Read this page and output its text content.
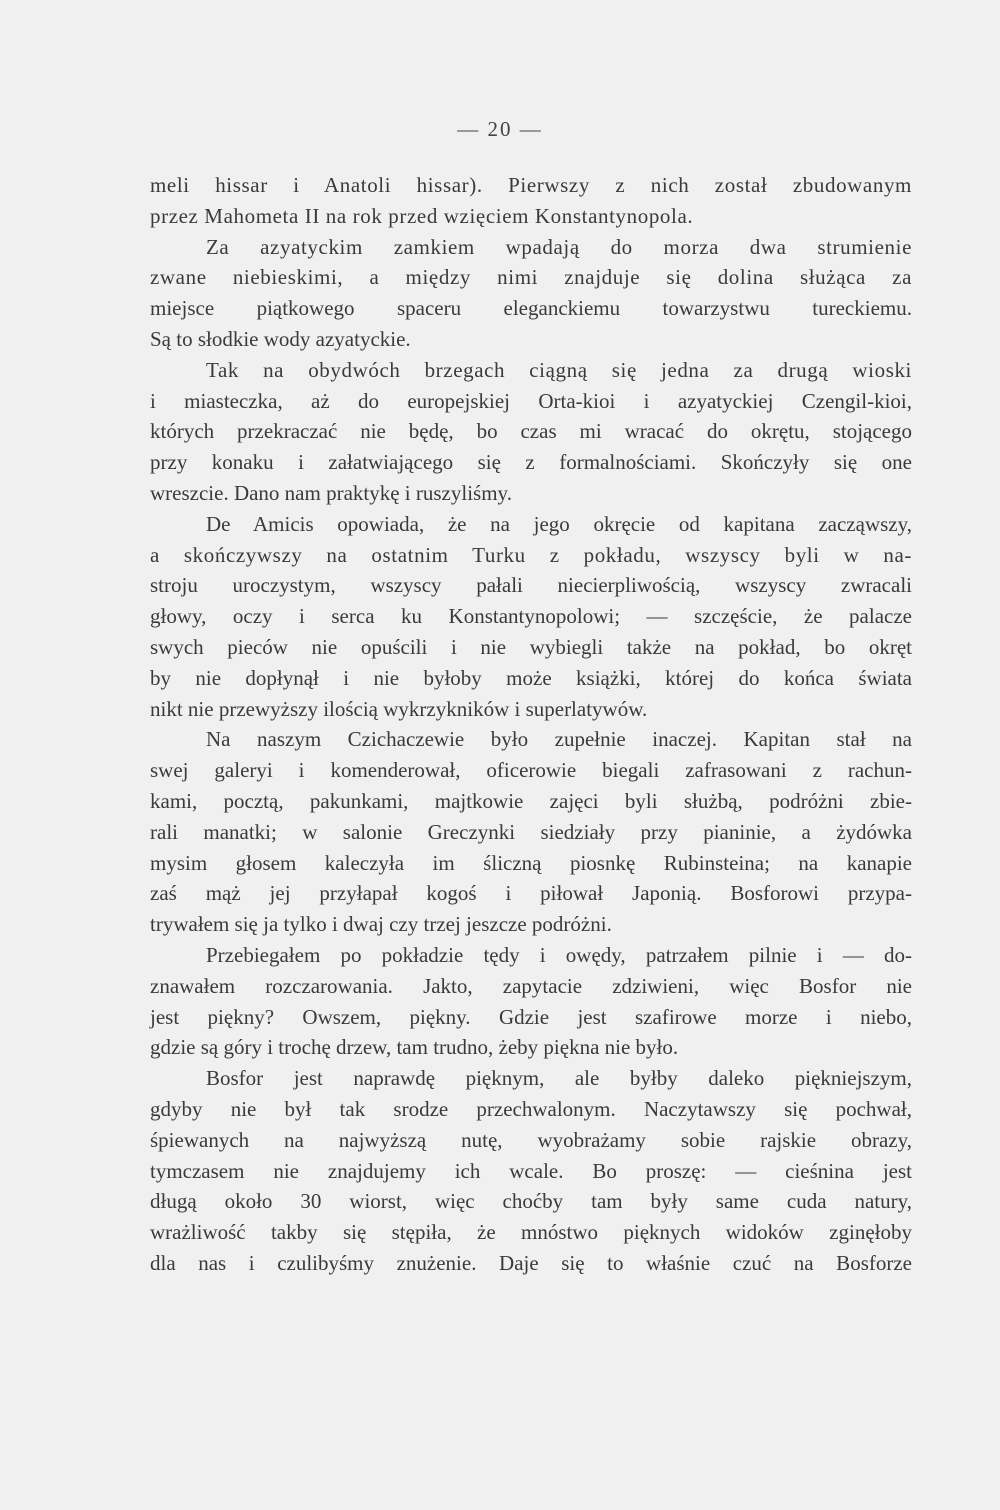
— 20 —
meli hissar i Anatoli hissar). Pierwszy z nich został zbudowanym
przez Mahometa II na rok przed wzięciem Konstantynopola.
Za azyatyckim zamkiem wpadają do morza dwa strumienie
zwane niebieskimi, a między nimi znajduje się dolina służąca za
miejsce piątkowego spaceru eleganckiemu towarzystwu tureckiemu.
Są to słodkie wody azyatyckie.
Tak na obydwóch brzegach ciągną się jedna za drugą wioski
i miasteczka, aż do europejskiej Orta-kioi i azyatyckiej Czengil-kioi,
których przekraczać nie będę, bo czas mi wracać do okrętu, stojącego
przy konaku i załatwiającego się z formalnościami. Skończyły się one
wreszcie. Dano nam praktykę i ruszyliśmy.
De Amicis opowiada, że na jego okręcie od kapitana zacząwszy,
a skończywszy na ostatnim Turku z pokładu, wszyscy byli w na-
stroju uroczystym, wszyscy pałali niecierpliwością, wszyscy zwracali
głowy, oczy i serca ku Konstantynopolowi; — szczęście, że palacze
swych pieców nie opuścili i nie wybiegli także na pokład, bo okręt
by nie dopłynął i nie byłoby może książki, której do końca świata
nikt nie przewyższy ilością wykrzykników i superlatywów.
Na naszym Czichaczewie było zupełnie inaczej. Kapitan stał na
swej galeryi i komenderował, oficerowie biegali zafrasowani z rachun-
kami, pocztą, pakunkami, majtkowie zajęci byli służbą, podróżni zbie-
rali manatki; w salonie Greczynki siedziały przy pianinie, a żydówka
mysim głosem kaleczyła im śliczną piosnkę Rubinsteina; na kanapie
zaś mąż jej przyłapał kogoś i piłował Japonią. Bosforowi przypa-
trywałem się ja tylko i dwaj czy trzej jeszcze podróżni.
Przebiegałem po pokładzie tędy i owędy, patrzałem pilnie i — do-
znawałem rozczarowania. Jakto, zapytacie zdziwieni, więc Bosfor nie
jest piękny? Owszem, piękny. Gdzie jest szafirowe morze i niebo,
gdzie są góry i trochę drzew, tam trudno, żeby piękna nie było.
Bosfor jest naprawdę pięknym, ale byłby daleko piękniejszym,
gdyby nie był tak srodze przechwalonym. Naczytawszy się pochwał,
śpiewanych na najwyższą nutę, wyobrażamy sobie rajskie obrazy,
tymczasem nie znajdujemy ich wcale. Bo proszę: — cieśnina jest
długą około 30 wiorst, więc choćby tam były same cuda natury,
wrażliwość takby się stępiła, że mnóstwo pięknych widoków zginęłoby
dla nas i czulibyśmy znużenie. Daje się to właśnie czuć na Bosforze
